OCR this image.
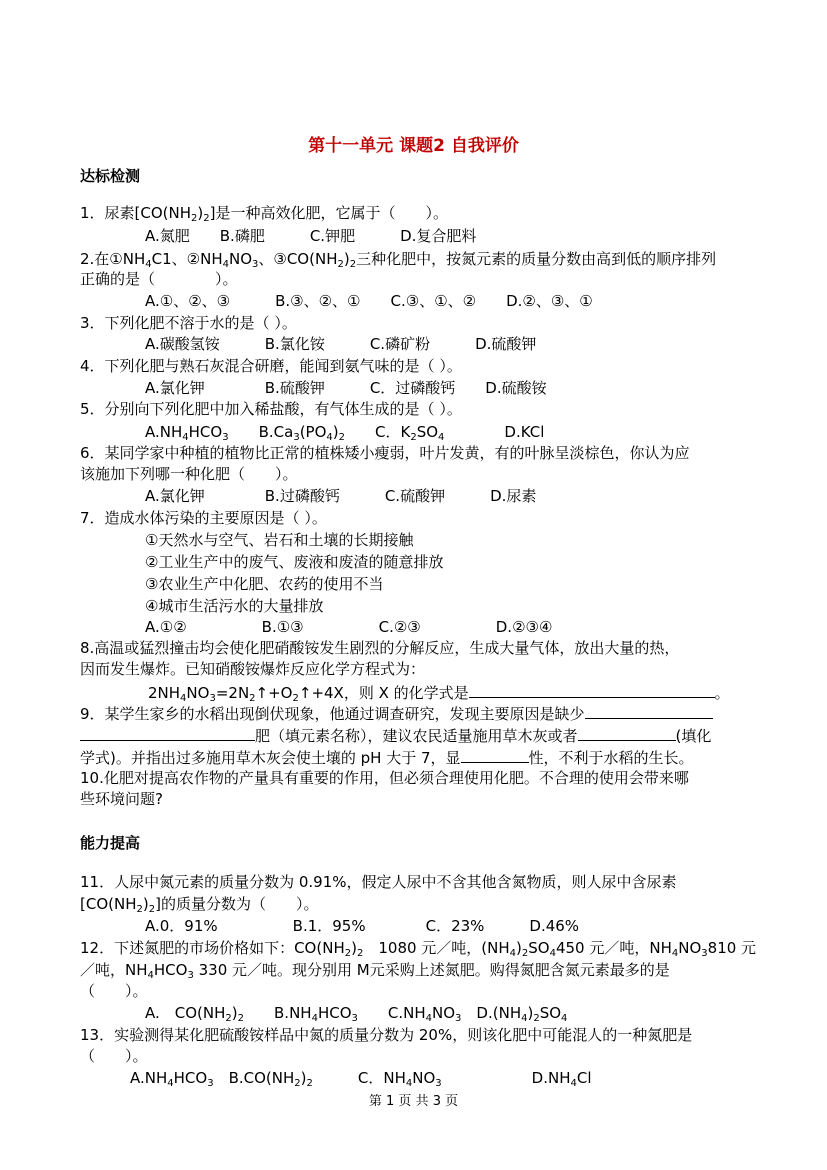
第十一单元 课题2 自我评价
达标检测
1．尿素$[CO(NH_2)_2]$是一种高效化肥，它属于（　　）。
A.氮肥　　B.磷肥　　　C.钾肥　　　D.复合肥料
2.在$①NH_4C1$、$②NH_4NO_3$、$③CO(NH_2)_2$三种化肥中，按氮元素的质量分数由高到低的顺序排列
正确的是（　　　　）。
A.①、②、③　　　B.③、②、①　　C.③、①、②　　D.②、③、①
3．下列化肥不溶于水的是（ ）。
A.碳酸氢铵　　　B.氯化铵　　　C.磷矿粉　　　D.硫酸钾
4．下列化肥与熟石灰混合研磨，能闻到氨气味的是（ ）。
A.氯化钾　　　　B.硫酸钾　　　C．过磷酸钙　　D.硫酸铵
5．分别向下列化肥中加入稀盐酸，有气体生成的是（ ）。
$A.NH_4HCO_3$　　$B.Ca_3(PO_4)_2$　　C．$K_2SO_4$　　　　D.KCl
6．某同学家中种植的植物比正常的植株矮小瘦弱，叶片发黄，有的叶脉呈淡棕色，你认为应
该施加下列哪一种化肥（　　）。
A.氯化钾　　　　B.过磷酸钙　　　C.硫酸钾　　　D.尿素
7．造成水体污染的主要原因是（ ）。
①天然水与空气、岩石和土壤的长期接触
②工业生产中的废气、废液和废渣的随意排放
③农业生产中化肥、农药的使用不当
④城市生活污水的大量排放
A.①②　　　　　B.①③　　　　　C.②③　　　　　D.②③④
8.高温或猛烈撞击均会使化肥硝酸铵发生剧烈的分解反应，生成大量气体，放出大量的热，
因而发生爆炸。已知硝酸铵爆炸反应化学方程式为：
$2NH_4NO_3=2N_2↑+O_2↑+4X$，则 X 的化学式是	。
9．某学生家乡的水稻出现倒伏现象，他通过调查研究，发现主要原因是缺少
肥（填元素名称），建议农民适量施用草木灰或者	(填化
学式)。并指出过多施用草木灰会使土壤的 pH 大于 7，显	性，不利于水稻的生长。
10.化肥对提高农作物的产量具有重要的作用，但必须合理使用化肥。不合理的使用会带来哪
些环境问题?
能力提高
11．人尿中氮元素的质量分数为 0.91%，假定人尿中不含其他含氮物质，则人尿中含尿素
$[CO(NH_2)_2]$的质量分数为（　　）。
A.0．91%　　　　　B.1．95%　　　　C．23%　　　D.46%
12．下述氮肥的市场价格如下：$CO(NH_2)_2$　 1080 元／吨，$(NH_4)_2SO_4450$ 元／吨，$NH_4NO_3810$ 元
／吨，$NH_4HCO_3$ 330 元／吨。现分别用 M元采购上述氮肥。购得氮肥含氮元素最多的是
（　　）。
A.　$CO(NH_2)_2$　　$B.NH_4HCO_3$　　$C.NH_4NO_3$　$D.(NH_4)_2SO_4$
13．实验测得某化肥硫酸铵样品中氮的质量分数为 20%，则该化肥中可能混人的一种氮肥是
（　　）。
$A.NH_4HCO_3$　$B.CO(NH_2)_2$　　　C．$NH_4NO_3$　　　　　　$D.NH_4Cl$
第 1 页 共 3 页
